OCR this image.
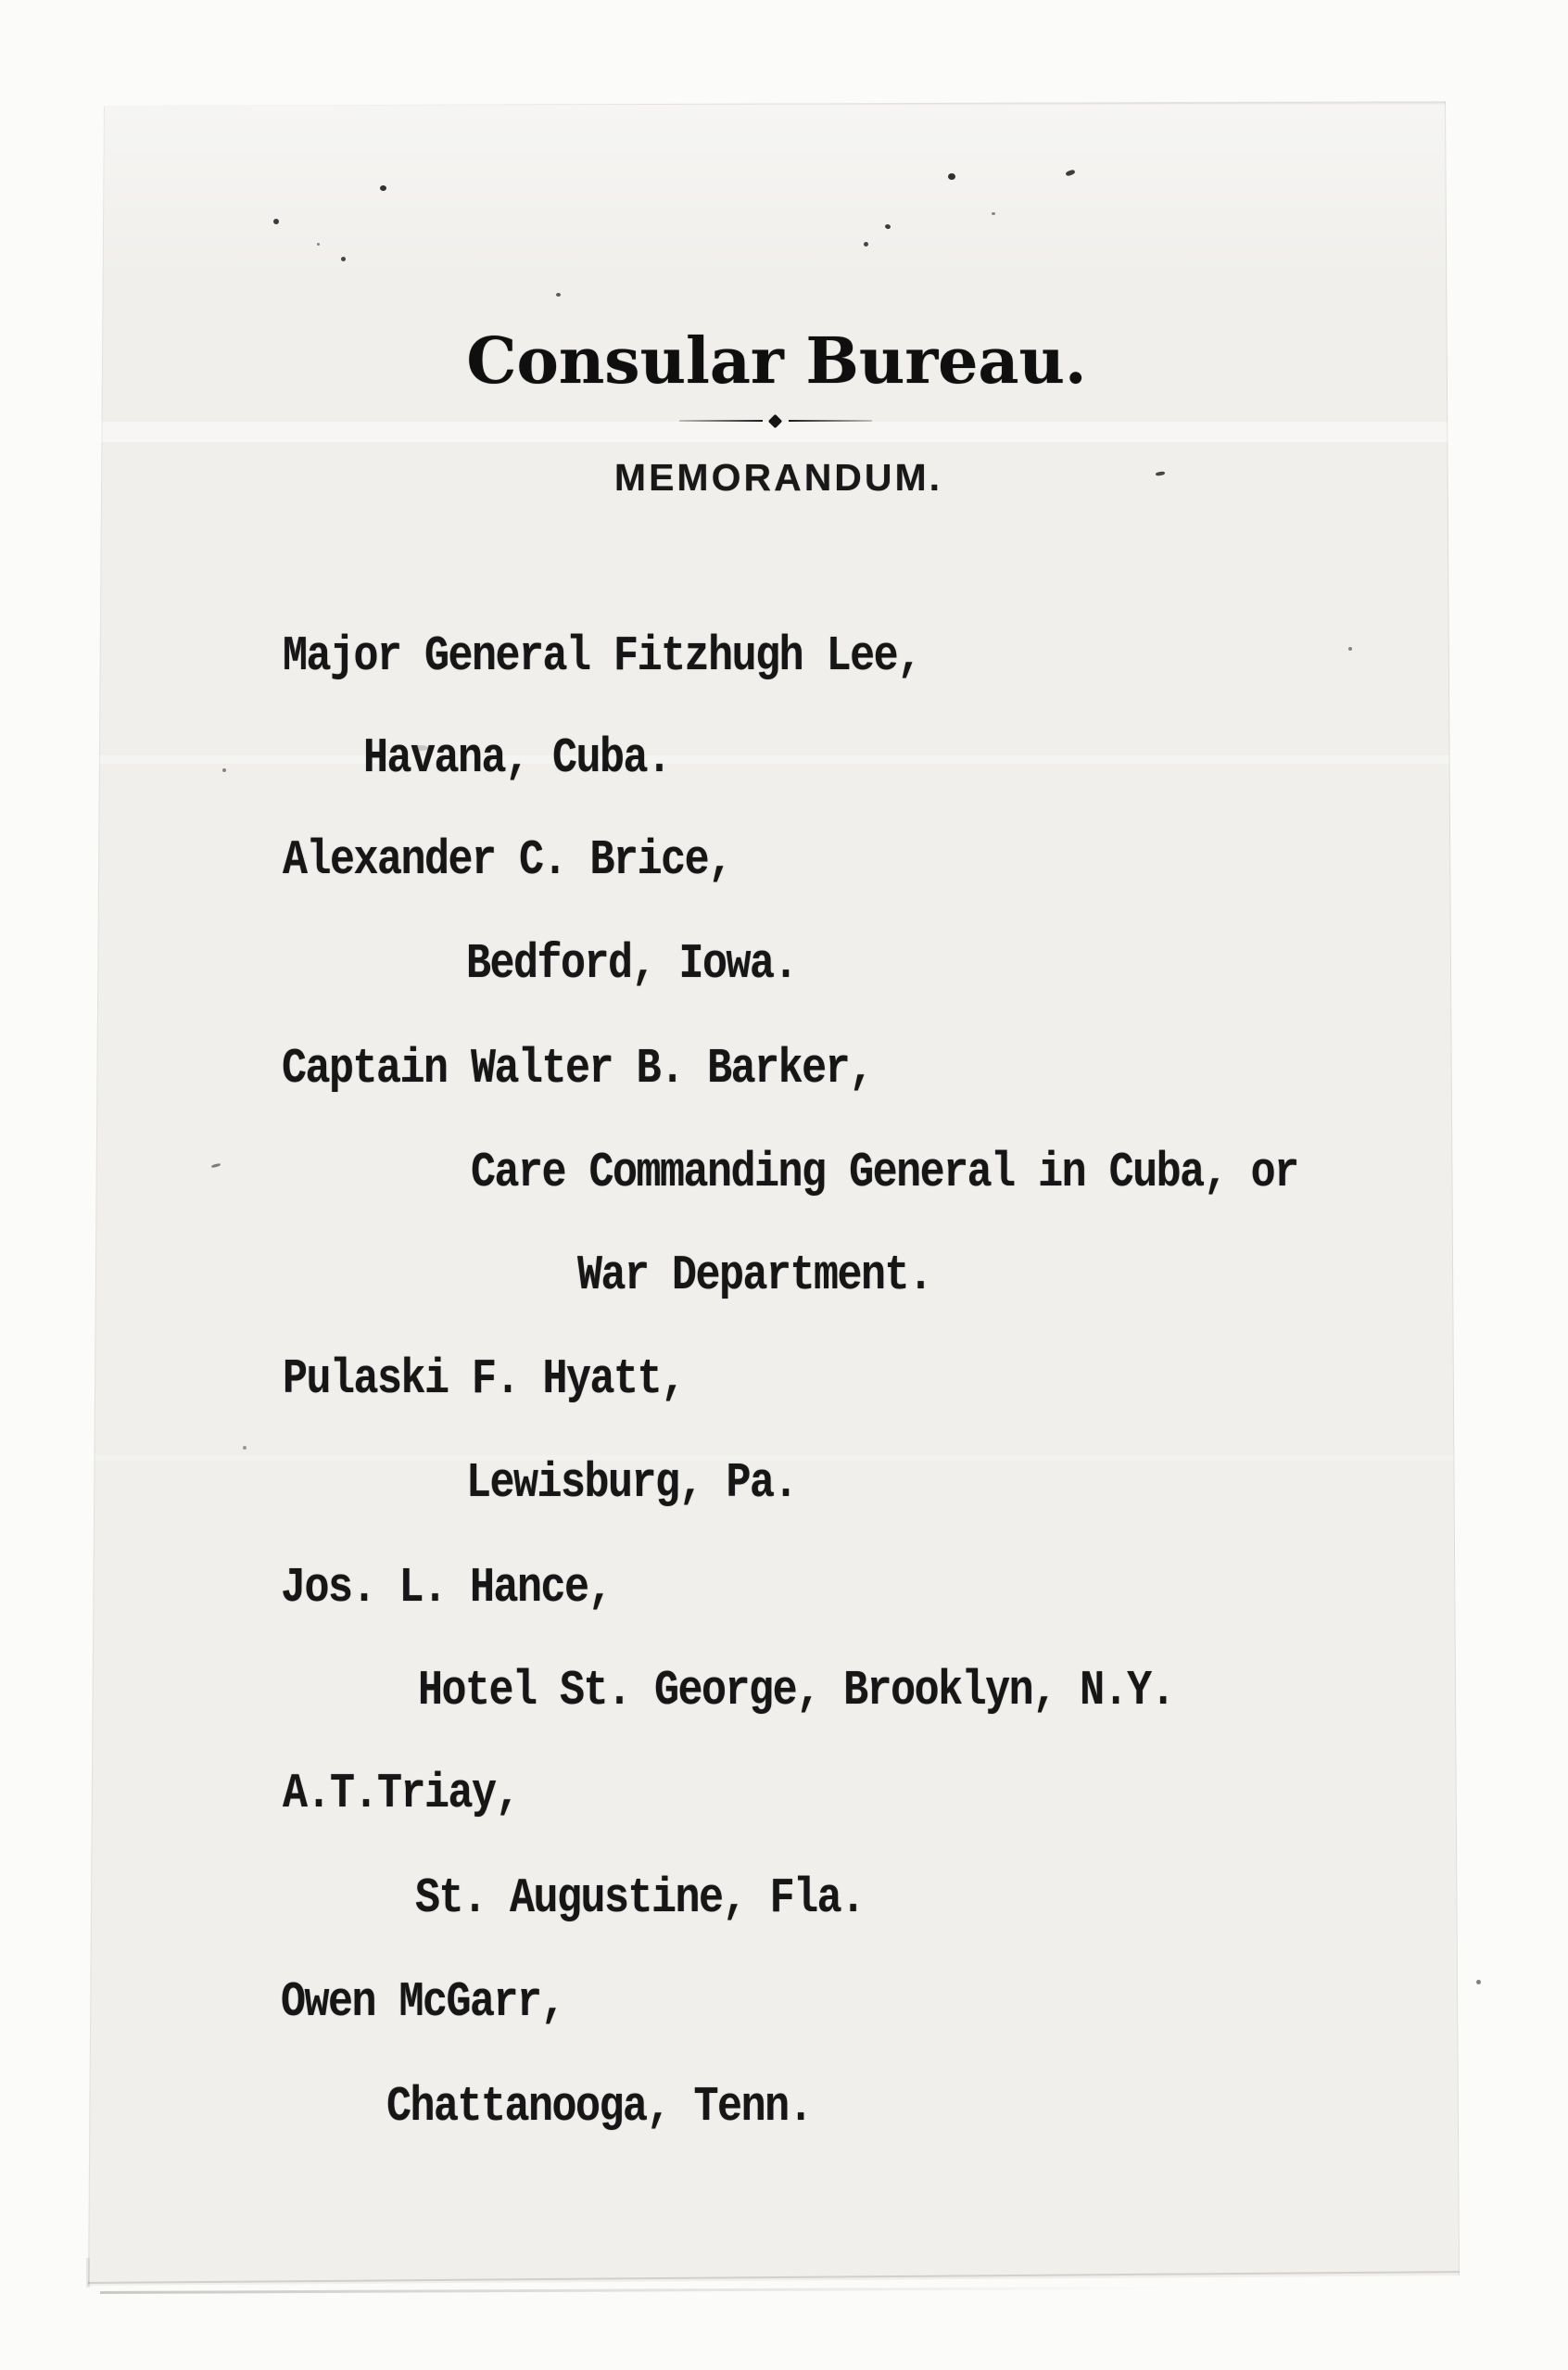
Consular Bureau.
MEMORANDUM.
Major General Fitzhugh Lee,
Havana, Cuba.
Alexander C. Brice,
Bedford, Iowa.
Captain Walter B. Barker,
Care Commanding General in Cuba, or
War Department.
Pulaski F. Hyatt,
Lewisburg, Pa.
Jos. L. Hance,
Hotel St. George, Brooklyn, N.Y.
A.T.Triay,
St. Augustine, Fla.
Owen McGarr,
Chattanooga, Tenn.
